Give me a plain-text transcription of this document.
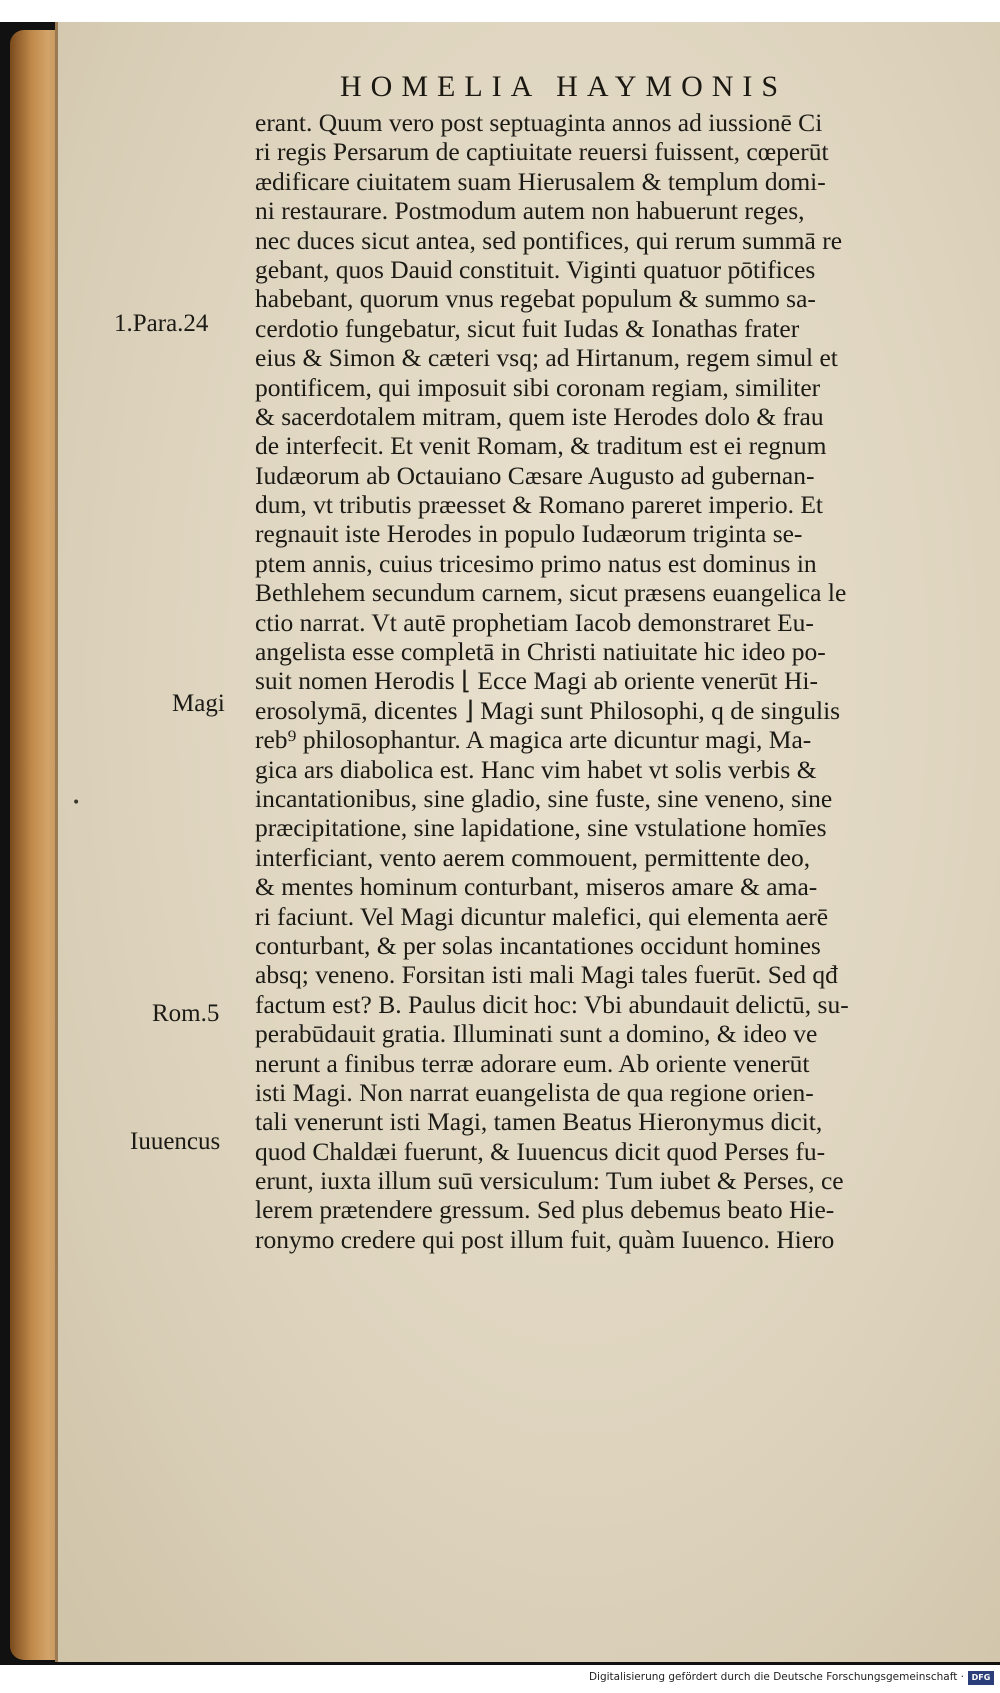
HOMELIA HAYMONIS
erant. Quum vero post septuaginta annos ad iussionē Ci
ri regis Persarum de captiuitate reuersi fuissent, cœperūt
ædificare ciuitatem suam Hierusalem & templum domi-
ni restaurare. Postmodum autem non habuerunt reges,
nec duces sicut antea, sed pontifices, qui rerum summā re
gebant, quos Dauid constituit. Viginti quatuor pōtifices
habebant, quorum vnus regebat populum & summo sa-
cerdotio fungebatur, sicut fuit Iudas & Ionathas frater
eius & Simon & cæteri vsq; ad Hirtanum, regem simul et
pontificem, qui imposuit sibi coronam regiam, similiter
& sacerdotalem mitram, quem iste Herodes dolo & frau
de interfecit. Et venit Romam, & traditum est ei regnum
Iudæorum ab Octauiano Cæsare Augusto ad gubernan-
dum, vt tributis præesset & Romano pareret imperio. Et
regnauit iste Herodes in populo Iudæorum triginta se-
ptem annis, cuius tricesimo primo natus est dominus in
Bethlehem secundum carnem, sicut præsens euangelica le
ctio narrat. Vt autē prophetiam Iacob demonstraret Eu-
angelista esse completā in Christi natiuitate hic ideo po-
suit nomen Herodis ⌊ Ecce Magi ab oriente venerūt Hi-
erosolymā, dicentes ⌋ Magi sunt Philosophi, q de singulis
reb⁹ philosophantur. A magica arte dicuntur magi, Ma-
gica ars diabolica est. Hanc vim habet vt solis verbis &
incantationibus, sine gladio, sine fuste, sine veneno, sine
præcipitatione, sine lapidatione, sine vstulatione homīes
interficiant, vento aerem commouent, permittente deo,
& mentes hominum conturbant, miseros amare & ama-
ri faciunt. Vel Magi dicuntur malefici, qui elementa aerē
conturbant, & per solas incantationes occidunt homines
absq; veneno. Forsitan isti mali Magi tales fuerūt. Sed qđ
factum est? B. Paulus dicit hoc: Vbi abundauit delictū, su-
perabūdauit gratia. Illuminati sunt a domino, & ideo ve
nerunt a finibus terræ adorare eum. Ab oriente venerūt
isti Magi. Non narrat euangelista de qua regione orien-
tali venerunt isti Magi, tamen Beatus Hieronymus dicit,
quod Chaldæi fuerunt, & Iuuencus dicit quod Perses fu-
erunt, iuxta illum suū versiculum: Tum iubet & Perses, ce
lerem prætendere gressum. Sed plus debemus beato Hie-
ronymo credere qui post illum fuit, quàm Iuuenco. Hiero
1.Para.24
Magi
Rom.5
Iuuencus
•
Digitalisierung gefördert durch die Deutsche Forschungsgemeinschaft · DFG
